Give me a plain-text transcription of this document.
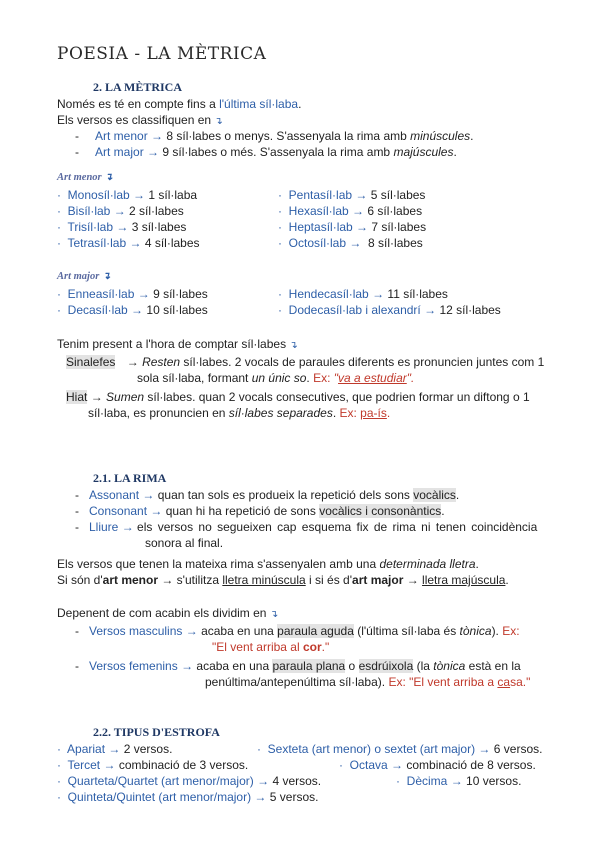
POESIA - LA MÈTRICA
2. LA MÈTRICA
Només es té en compte fins a l'última síl·laba.
Els versos es classifiquen en ↴
- Art menor → 8 síl·labes o menys. S'assenyala la rima amb minúscules.
- Art major → 9 síl·labes o més. S'assenyala la rima amb majúscules.
Art menor ↴
· Monosíl·lab → 1 síl·laba
· Bisíl·lab → 2 síl·labes
· Trisíl·lab → 3 síl·labes
· Tetrasíl·lab → 4 síl·labes
· Pentasíl·lab → 5 síl·labes
· Hexasíl·lab → 6 síl·labes
· Heptasíl·lab → 7 síl·labes
· Octosíl·lab → 8 síl·labes
Art major ↴
· Enneasíl·lab → 9 síl·labes
· Decasíl·lab → 10 síl·labes
· Hendecasíl·lab → 11 síl·labes
· Dodecasíl·lab i alexandrí → 12 síl·labes
Tenim present a l'hora de comptar síl·labes ↴
Sinalefes → Resten síl·labes. 2 vocals de paraules diferents es pronuncien juntes com 1
sola síl·laba, formant un únic so. Ex: "va a estudiar".
Hiat → Sumen síl·labes. quan 2 vocals consecutives, que podrien formar un diftong o 1
síl·laba, es pronuncien en síl·labes separades. Ex: pa-ís.
2.1. LA RIMA
- Assonant → quan tan sols es produeix la repetició dels sons vocàlics.
- Consonant → quan hi ha repetició de sons vocàlics i consonàntics.
- Lliure → els versos no segueixen cap esquema fix de rima ni tenen coincidència
sonora al final.
Els versos que tenen la mateixa rima s'assenyalen amb una determinada lletra.
Si són d'art menor → s'utilitza lletra minúscula i si és d'art major → lletra majúscula.
Depenent de com acabin els dividim en ↴
- Versos masculins → acaba en una paraula aguda (l'última síl·laba és tònica). Ex:
"El vent arriba al cor."
- Versos femenins → acaba en una paraula plana o esdrúixola (la tònica està en la
penúltima/antepenúltima síl·laba). Ex: "El vent arriba a casa."
2.2. TIPUS D'ESTROFA
· Apariat → 2 versos.
· Tercet → combinació de 3 versos.
· Quarteta/Quartet (art menor/major) → 4 versos.
· Quinteta/Quintet (art menor/major) → 5 versos.
· Sexteta (art menor) o sextet (art major) → 6 versos.
· Octava → combinació de 8 versos.
· Dècima → 10 versos.
